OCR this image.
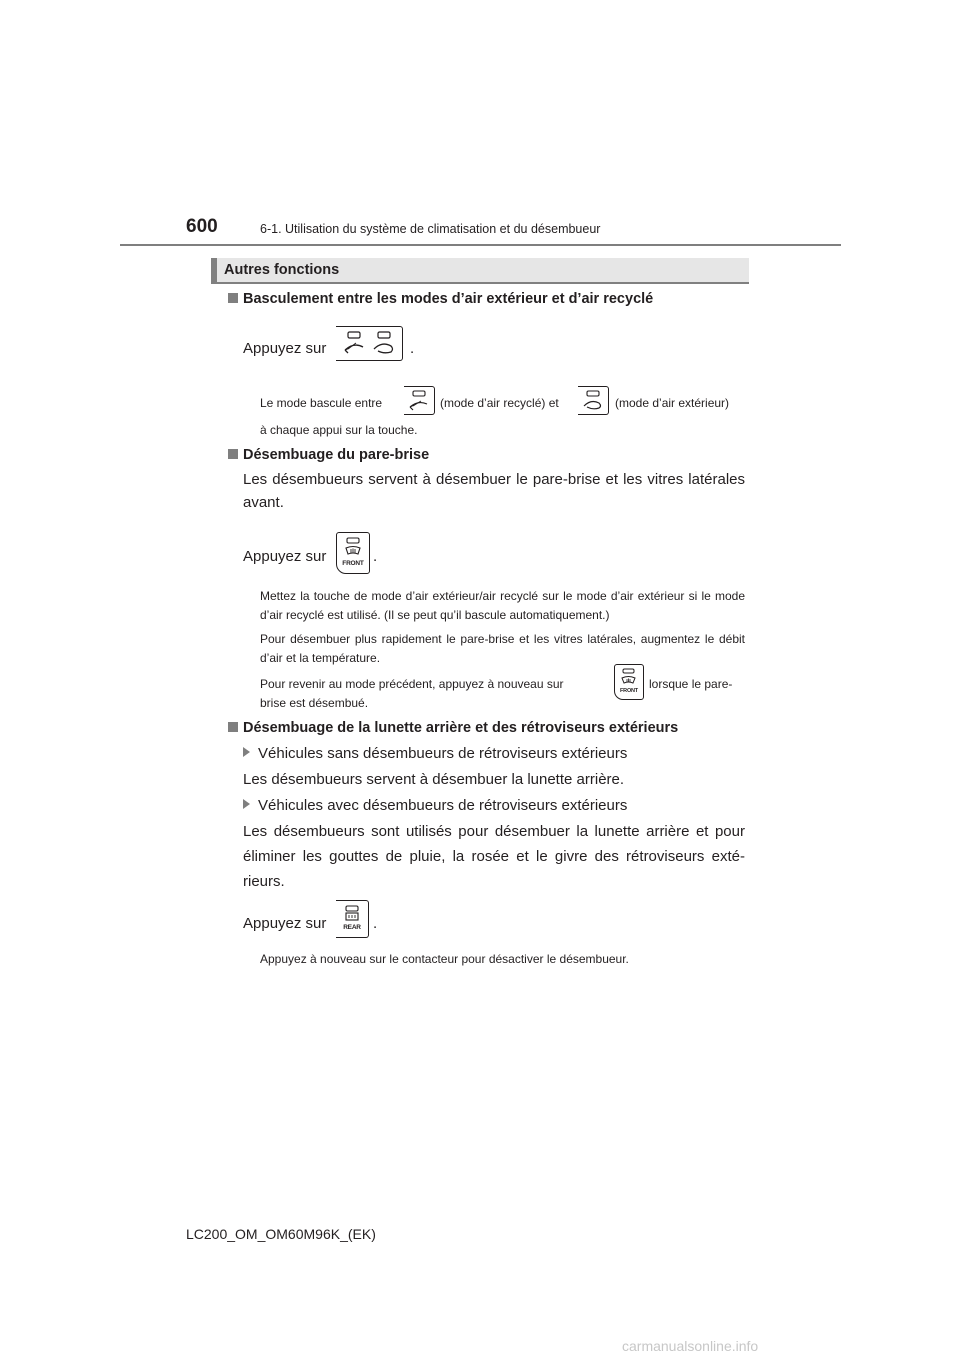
600	6-1. Utilisation du système de climatisation et du désembueur
Autres fonctions
Basculement entre les modes d’air extérieur et d’air recyclé
Appuyez sur	.
Le mode bascule entre	(mode d’air recyclé) et	(mode d’air extérieur)
à chaque appui sur la touche.
Désembuage du pare-brise
Les désembueurs servent à désembuer le pare-brise et les vitres latérales avant.
Appuyez sur	FRONT .
Mettez la touche de mode d’air extérieur/air recyclé sur le mode d’air extérieur si le mode d’air recyclé est utilisé. (Il se peut qu’il bascule automatiquement.)
Pour désembuer plus rapidement le pare-brise et les vitres latérales, augmentez le débit d’air et la température.
Pour revenir au mode précédent, appuyez à nouveau sur	FRONT lorsque le pare-
brise est désembué.
Désembuage de la lunette arrière et des rétroviseurs extérieurs
Véhicules sans désembueurs de rétroviseurs extérieurs
Les désembueurs servent à désembuer la lunette arrière.
Véhicules avec désembueurs de rétroviseurs extérieurs
Les désembueurs sont utilisés pour désembuer la lunette arrière et pour éliminer les gouttes de pluie, la rosée et le givre des rétroviseurs exté- rieurs.
Appuyez sur	REAR .
Appuyez à nouveau sur le contacteur pour désactiver le désembueur.
LC200_OM_OM60M96K_(EK)
carmanualsonline.info
